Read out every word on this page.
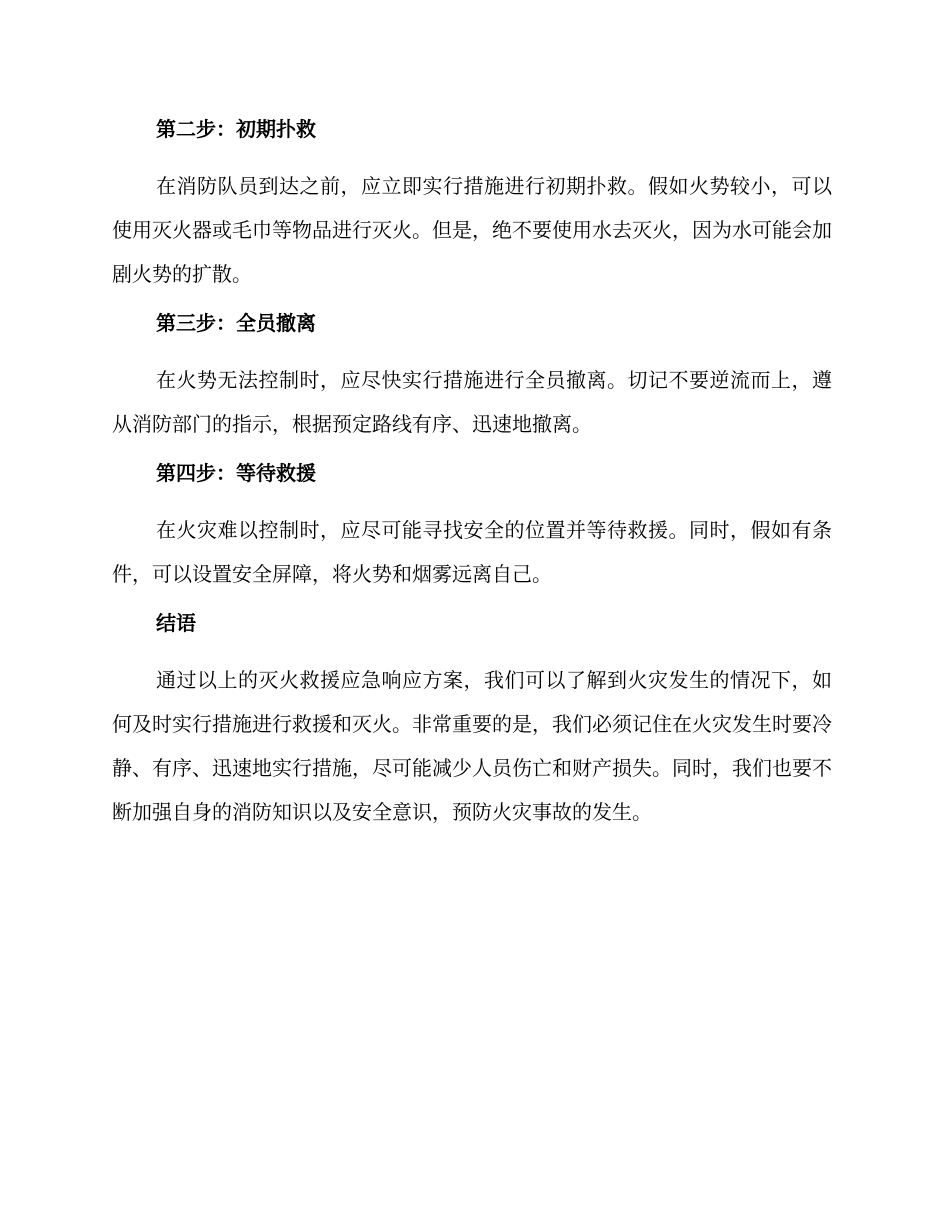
第二步：初期扑救

在消防队员到达之前，应立即实行措施进行初期扑救。假如火势较小，可以使用灭火器或毛巾等物品进行灭火。但是，绝不要使用水去灭火，因为水可能会加剧火势的扩散。

第三步：全员撤离

在火势无法控制时，应尽快实行措施进行全员撤离。切记不要逆流而上，遵从消防部门的指示，根据预定路线有序、迅速地撤离。

第四步：等待救援

在火灾难以控制时，应尽可能寻找安全的位置并等待救援。同时，假如有条件，可以设置安全屏障，将火势和烟雾远离自己。

结语

通过以上的灭火救援应急响应方案，我们可以了解到火灾发生的情况下，如何及时实行措施进行救援和灭火。非常重要的是，我们必须记住在火灾发生时要冷静、有序、迅速地实行措施，尽可能减少人员伤亡和财产损失。同时，我们也要不断加强自身的消防知识以及安全意识，预防火灾事故的发生。
